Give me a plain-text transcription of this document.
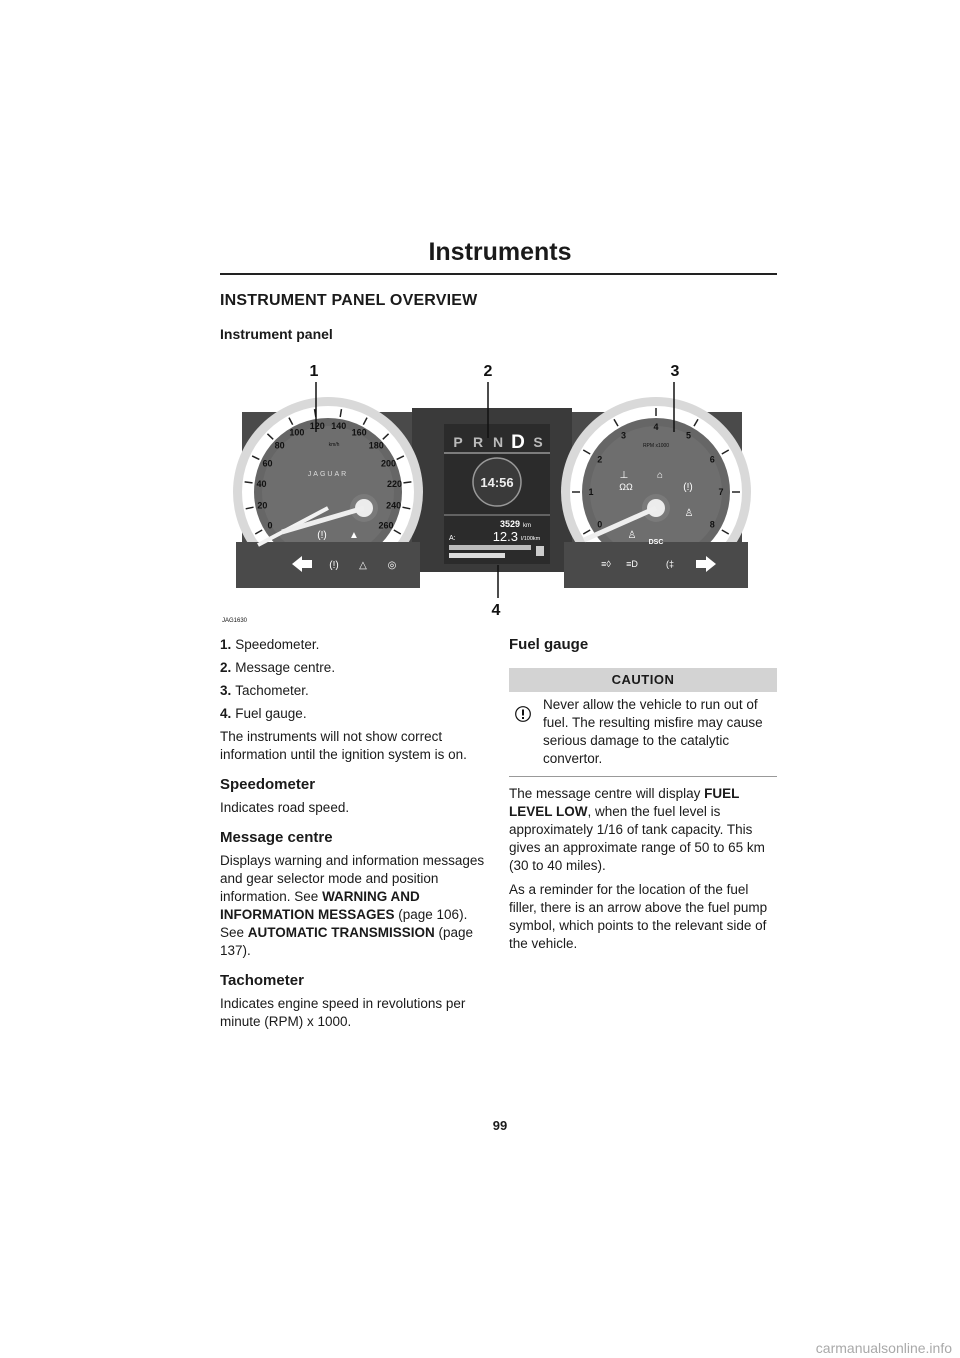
Instruments
INSTRUMENT PANEL OVERVIEW
Instrument panel
0
20
40
60
80
100
120 140
160
180
200
220
240
260
JAGUAR
km/h
(!) ▲
(!) △ ◎
P R N D S
14:56
3529 km
A:	12.3 l/100km
0
1
2
3
4
5
6
7
8
RPM x1000
⊥	⌂
ΩΩ	(!)
♙
♙
DSC
≡◊ ≡D	(‡
1	2	3
4
JAG1630
1. Speedometer.
2. Message centre.
3. Tachometer.
4. Fuel gauge.
The instruments will not show correct information until the ignition system is on.
Speedometer
Indicates road speed.
Message centre
Displays warning and information messages and gear selector mode and position information. See WARNING AND INFORMATION MESSAGES (page 106).
See AUTOMATIC TRANSMISSION (page 137).
Tachometer
Indicates engine speed in revolutions per minute (RPM) x 1000.
Fuel gauge
CAUTION
Never allow the vehicle to run out of fuel. The resulting misfire may cause serious damage to the catalytic convertor.
The message centre will display FUEL LEVEL LOW, when the fuel level is approximately 1/16 of tank capacity. This gives an approximate range of 50 to 65 km (30 to 40 miles).
As a reminder for the location of the fuel filler, there is an arrow above the fuel pump symbol, which points to the relevant side of the vehicle.
99
carmanualsonline.info
